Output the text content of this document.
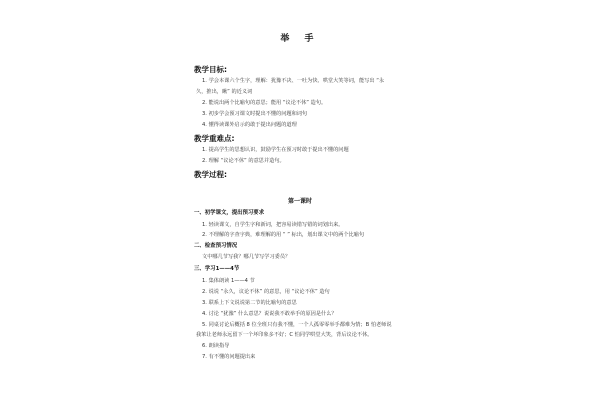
举 手
教学目标:
1. 学会本课六个生字，理解：犹豫不决、一吐为快、哄堂大笑等词，能写出 “永
久，推出，瞅” 的近义词
2. 能说出两个比喻句的意思；能用 “议论不休” 造句。
3. 初步学会预习课文时提出不懂的问题和词句
4. 懂得读课外启示的敢于提出问题的道理
教学重难点:
1. 提高学生的思想认识，鼓励学生在预习时敢于提出不懂的问题
2. 理解 “议论不休” 的意思并造句。
教学过程:
第一课时
一、初学课文，提出预习要求
1. 轻读课文，自学生字和新词，把容易读错写错的词划出来。
2. 不理解的字查字典，难理解的用 “ ” 标出，划出课文中的两个比喻句
二、检查预习情况
文中哪几节写我？哪几节写学习委员？
三、学习1——4节
1. 集体朗读 1——4 节
2. 说说 “永久，议论不休” 的意思，用 “议论不休” 造句
3. 联系上下文说说第二节的比喻句的意思
4. 讨论 “犹豫” 什么意思？说说我不敢举手的原因是什么？
5. 同桌讨论后概括 8 位全班只有我不懂，一个人孤零零举手都难为情；B 怕老师说
我笨让老师永远留下一个坏印象多不好；C 怕同学哄堂大笑，背后议论不休。
6. 朗读指导
7. 有不懂的问题提出来
